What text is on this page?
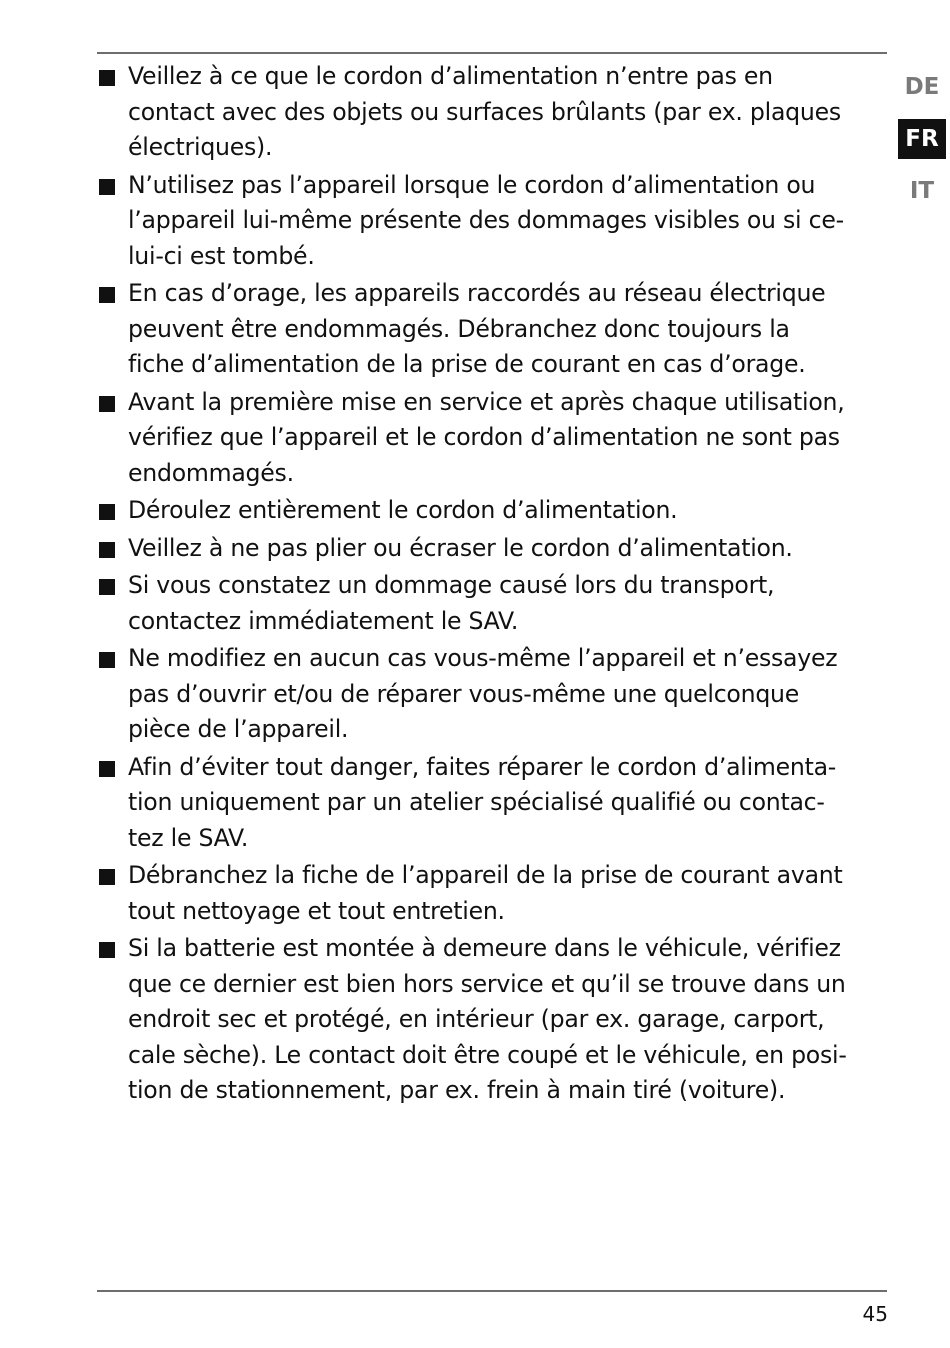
Veillez à ce que le cordon d’alimentation n’entre pas en
contact avec des objets ou surfaces brûlants (par ex. plaques
électriques).
N’utilisez pas l’appareil lorsque le cordon d’alimentation ou
l’appareil lui-même présente des dommages visibles ou si ce-
lui-ci est tombé.
En cas d’orage, les appareils raccordés au réseau électrique
peuvent être endommagés. Débranchez donc toujours la
fiche d’alimentation de la prise de courant en cas d’orage.
Avant la première mise en service et après chaque utilisation,
vérifiez que l’appareil et le cordon d’alimentation ne sont pas
endommagés.
Déroulez entièrement le cordon d’alimentation.
Veillez à ne pas plier ou écraser le cordon d’alimentation.
Si vous constatez un dommage causé lors du transport,
contactez immédiatement le SAV.
Ne modifiez en aucun cas vous-même l’appareil et n’essayez
pas d’ouvrir et/ou de réparer vous-même une quelconque
pièce de l’appareil.
Afin d’éviter tout danger, faites réparer le cordon d’alimenta-
tion uniquement par un atelier spécialisé qualifié ou contac-
tez le SAV.
Débranchez la fiche de l’appareil de la prise de courant avant
tout nettoyage et tout entretien.
Si la batterie est montée à demeure dans le véhicule, vérifiez
que ce dernier est bien hors service et qu’il se trouve dans un
endroit sec et protégé, en intérieur (par ex. garage, carport,
cale sèche). Le contact doit être coupé et le véhicule, en posi-
tion de stationnement, par ex. frein à main tiré (voiture).
DE
FR
IT
45
